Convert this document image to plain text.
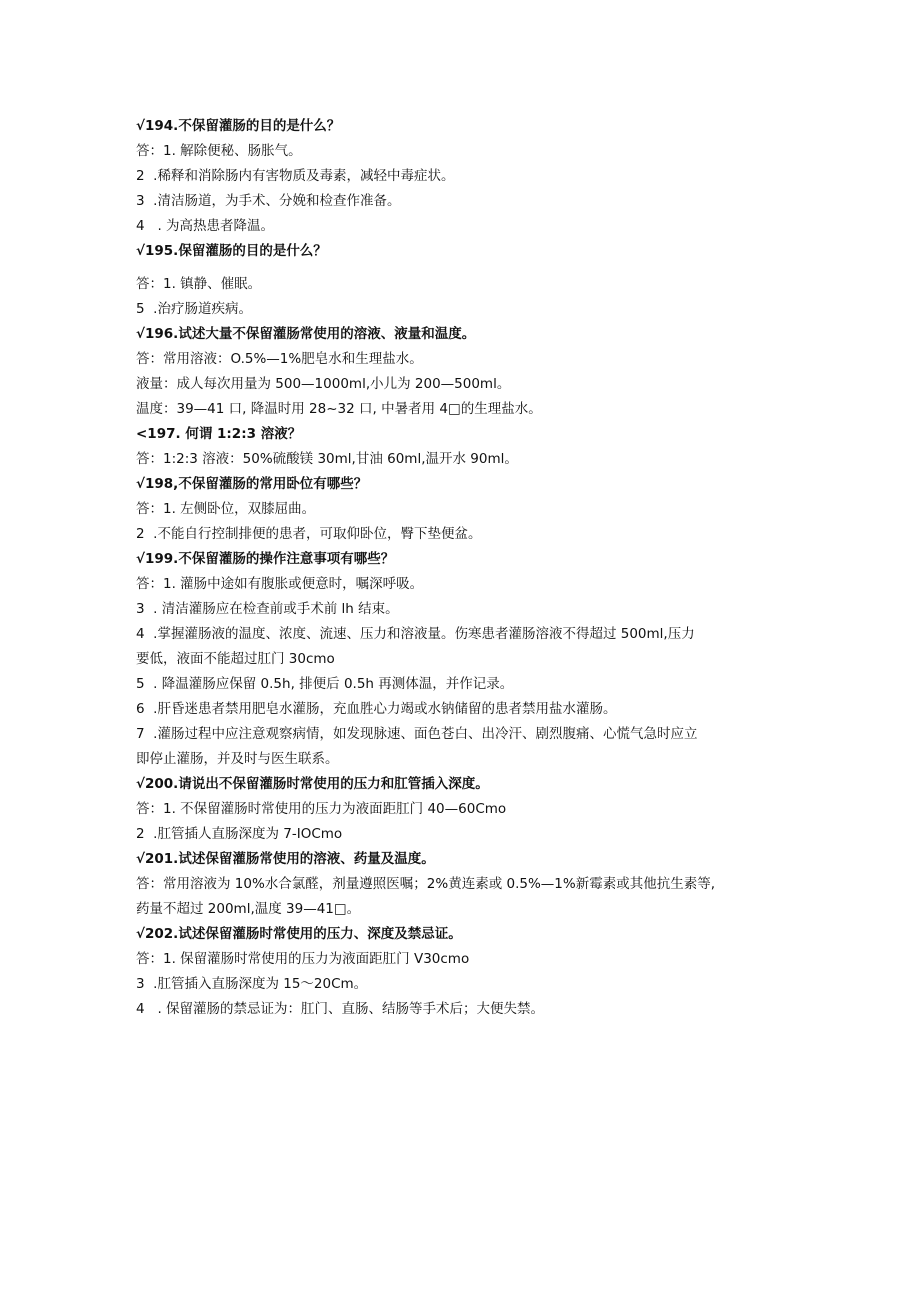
√194.不保留灌肠的目的是什么？
答：1. 解除便秘、肠胀气。
2  .稀释和消除肠内有害物质及毒素，减轻中毒症状。
3  .清洁肠道，为手术、分娩和检查作准备。
4   . 为高热患者降温。
√195.保留灌肠的目的是什么？
答：1. 镇静、催眠。
5  .治疗肠道疾病。
√196.试述大量不保留灌肠常使用的溶液、液量和温度。
答：常用溶液：O.5%—1%肥皂水和生理盐水。
液量：成人每次用量为 500—1000ml,小儿为 200—500ml。
温度：39—41 口, 降温时用 28~32 口, 中暑者用 4□的生理盐水。
<197. 何谓 1:2:3 溶液？
答：1:2:3 溶液：50%硫酸镁 30ml,甘油 60ml,温开水 90ml。
√198,不保留灌肠的常用卧位有哪些？
答：1. 左侧卧位，双膝屈曲。
2  .不能自行控制排便的患者，可取仰卧位，臀下垫便盆。
√199.不保留灌肠的操作注意事项有哪些？
答：1. 灌肠中途如有腹胀或便意时，嘱深呼吸。
3  . 清洁灌肠应在检查前或手术前 lh 结束。
4  .掌握灌肠液的温度、浓度、流速、压力和溶液量。伤寒患者灌肠溶液不得超过 500ml,压力
要低，液面不能超过肛门 30cmo
5  . 降温灌肠应保留 0.5h, 排便后 0.5h 再测体温，并作记录。
6  .肝昏迷患者禁用肥皂水灌肠，充血胜心力竭或水钠储留的患者禁用盐水灌肠。
7  .灌肠过程中应注意观察病情，如发现脉速、面色苍白、出冷汗、剧烈腹痛、心慌气急时应立
即停止灌肠，并及时与医生联系。
√200.请说出不保留灌肠时常使用的压力和肛管插入深度。
答：1. 不保留灌肠时常使用的压力为液面距肛门 40—60Cmo
2  .肛管插人直肠深度为 7-IOCmo
√201.试述保留灌肠常使用的溶液、药量及温度。
答：常用溶液为 10%水合氯醛，剂量遵照医嘱；2%黄连素或 0.5%—1%新霉素或其他抗生素等,
药量不超过 200ml,温度 39—41□。
√202.试述保留灌肠时常使用的压力、深度及禁忌证。
答：1. 保留灌肠时常使用的压力为液面距肛门 V30cmo
3  .肛管插入直肠深度为 15～20Cm。
4   . 保留灌肠的禁忌证为：肛门、直肠、结肠等手术后；大便失禁。
